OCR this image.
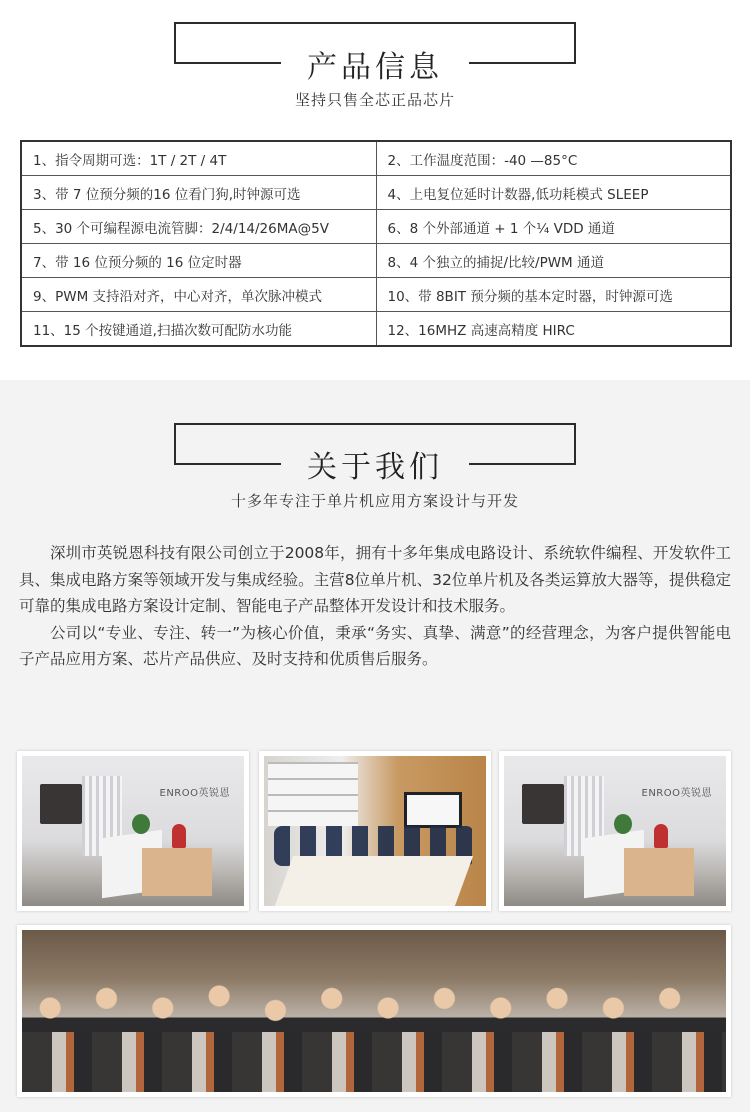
产品信息
坚持只售全芯正品芯片
1、指令周期可选：1T / 2T / 4T	2、工作温度范围：-40 —85°C
3、带 7 位预分频的16 位看门狗,时钟源可选	4、上电复位延时计数器,低功耗模式 SLEEP
5、30 个可编程源电流管脚：2/4/14/26MA@5V	6、8 个外部通道 + 1 个¼ VDD 通道
7、带 16 位预分频的 16 位定时器	8、4 个独立的捕捉/比较/PWM 通道
9、PWM 支持沿对齐，中心对齐，单次脉冲模式	10、带 8BIT 预分频的基本定时器，时钟源可选
11、15 个按键通道,扫描次数可配防水功能	12、16MHZ 高速高精度 HIRC
关于我们
十多年专注于单片机应用方案设计与开发

深圳市英锐恩科技有限公司创立于2008年，拥有十多年集成电路设计、系统软件编程、开发软件工具、集成电路方案等领域开发与集成经验。主营8位单片机、32位单片机及各类运算放大器等，提供稳定可靠的集成电路方案设计定制、智能电子产品整体开发设计和技术服务。

公司以“专业、专注、转一”为核心价值，秉承“务实、真挚、满意”的经营理念，为客户提供智能电子产品应用方案、芯片产品供应、及时支持和优质售后服务。

ENROO英锐恩	ENROO英锐恩
